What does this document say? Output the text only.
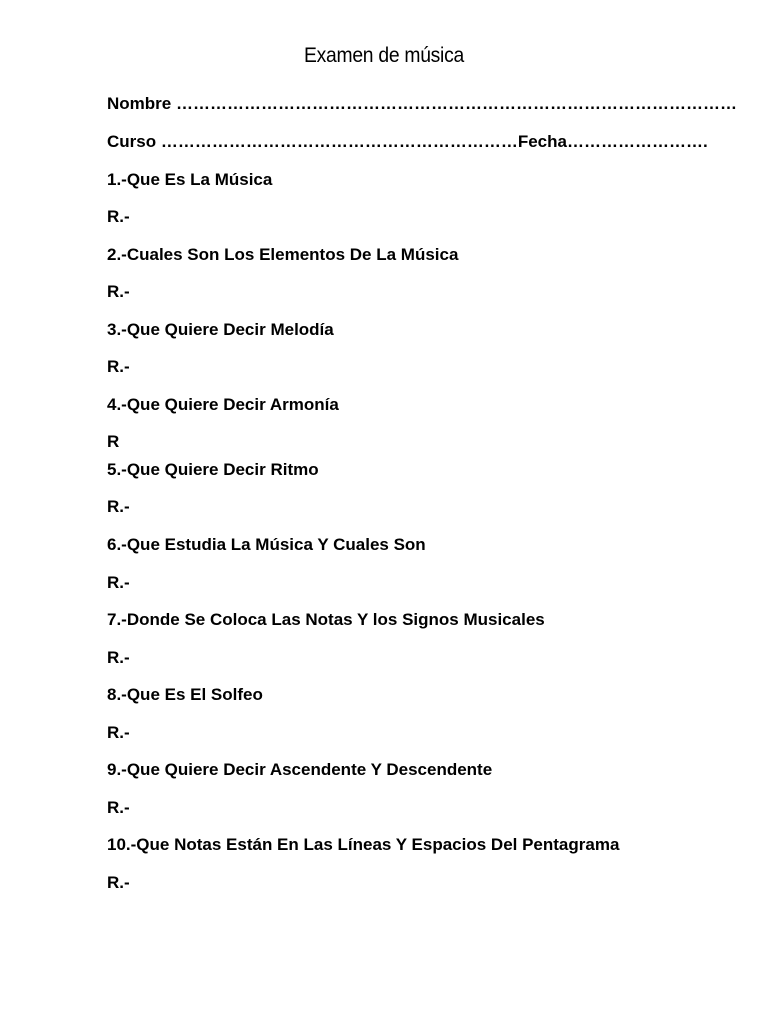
Examen de música
Nombre ………………………………………………………………………………………
Curso ………………………………………………………Fecha…………………….
1.-Que Es La Música
R.-
2.-Cuales Son Los Elementos De La Música
R.-
3.-Que Quiere Decir Melodía
R.-
4.-Que Quiere Decir Armonía
R
5.-Que Quiere Decir Ritmo
R.-
6.-Que Estudia La Música Y Cuales Son
R.-
7.-Donde Se Coloca Las Notas Y los Signos Musicales
R.-
8.-Que Es El Solfeo
R.-
9.-Que Quiere Decir Ascendente Y Descendente
R.-
10.-Que Notas Están En Las Líneas Y Espacios Del Pentagrama
R.-
